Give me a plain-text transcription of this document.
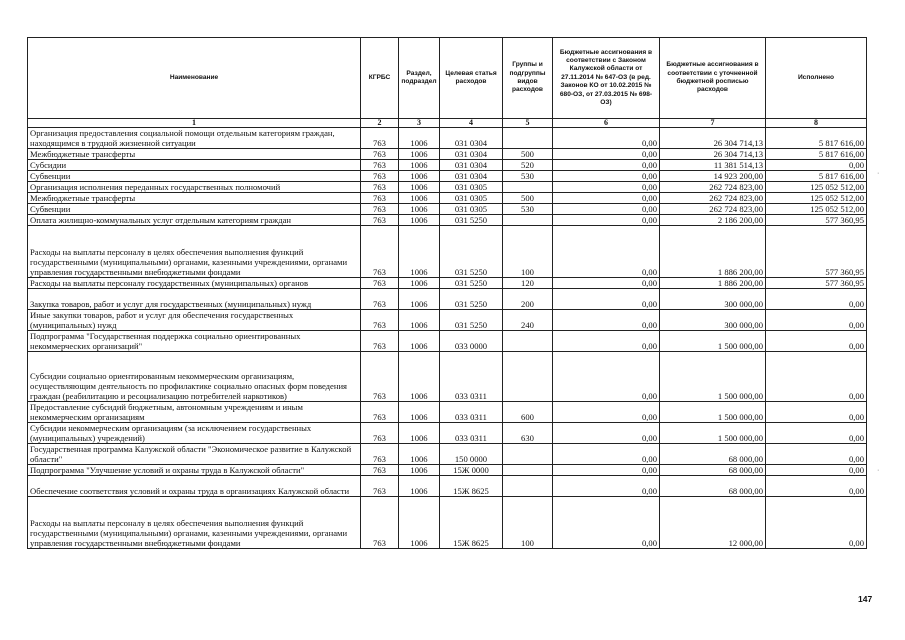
Наименование	КГРБС	Раздел, подраздел	Целевая статья расходов	Группы и подгруппы видов расходов	Бюджетные ассигнования в соответствии с Законом Калужской области от 27.11.2014 № 647-ОЗ (в ред. Законов КО от 10.02.2015 № 680-ОЗ, от 27.03.2015 № 698-ОЗ)	Бюджетные ассигнования в соответствии с уточненной бюджетной росписью расходов	Исполнено
1	2	3	4	5	6	7	8
Организация предоставления социальной помощи отдельным категориям граждан, находящимся в трудной жизненной ситуации	763	1006	031 0304		0,00	26 304 714,13	5 817 616,00
Межбюджетные трансферты	763	1006	031 0304	500	0,00	26 304 714,13	5 817 616,00
Субсидии	763	1006	031 0304	520	0,00	11 381 514,13	0,00
Субвенции	763	1006	031 0304	530	0,00	14 923 200,00	5 817 616,00
Организация исполнения переданных государственных полномочий	763	1006	031 0305		0,00	262 724 823,00	125 052 512,00
Межбюджетные трансферты	763	1006	031 0305	500	0,00	262 724 823,00	125 052 512,00
Субвенции	763	1006	031 0305	530	0,00	262 724 823,00	125 052 512,00
Оплата жилищно-коммунальных услуг отдельным категориям граждан	763	1006	031 5250		0,00	2 186 200,00	577 360,95
Расходы на выплаты персоналу в целях обеспечения выполнения функций государственными (муниципальными) органами, казенными учреждениями, органами управления государственными внебюджетными фондами	763	1006	031 5250	100	0,00	1 886 200,00	577 360,95
Расходы на выплаты персоналу государственных (муниципальных) органов	763	1006	031 5250	120	0,00	1 886 200,00	577 360,95
Закупка товаров, работ и услуг для государственных (муниципальных) нужд	763	1006	031 5250	200	0,00	300 000,00	0,00
Иные закупки товаров, работ и услуг для обеспечения государственных (муниципальных) нужд	763	1006	031 5250	240	0,00	300 000,00	0,00
Подпрограмма "Государственная поддержка социально ориентированных некоммерческих организаций"	763	1006	033 0000		0,00	1 500 000,00	0,00
Субсидии социально ориентированным некоммерческим организациям, осуществляющим деятельность по профилактике социально опасных форм поведения граждан (реабилитацию и ресоциализацию потребителей наркотиков)	763	1006	033 0311		0,00	1 500 000,00	0,00
Предоставление субсидий бюджетным, автономным учреждениям и иным некоммерческим организациям	763	1006	033 0311	600	0,00	1 500 000,00	0,00
Субсидии некоммерческим организациям (за исключением государственных (муниципальных) учреждений)	763	1006	033 0311	630	0,00	1 500 000,00	0,00
Государственная программа Калужской области "Экономическое развитие в Калужской области"	763	1006	150 0000		0,00	68 000,00	0,00
Подпрограмма "Улучшение условий и охраны труда в Калужской области"	763	1006	15Ж 0000		0,00	68 000,00	0,00
Обеспечение соответствия условий и охраны труда в организациях Калужской области	763	1006	15Ж 8625		0,00	68 000,00	0,00
Расходы на выплаты персоналу в целях обеспечения выполнения функций государственными (муниципальными) органами, казенными учреждениями, органами управления государственными внебюджетными фондами	763	1006	15Ж 8625	100	0,00	12 000,00	0,00
·
·
147
